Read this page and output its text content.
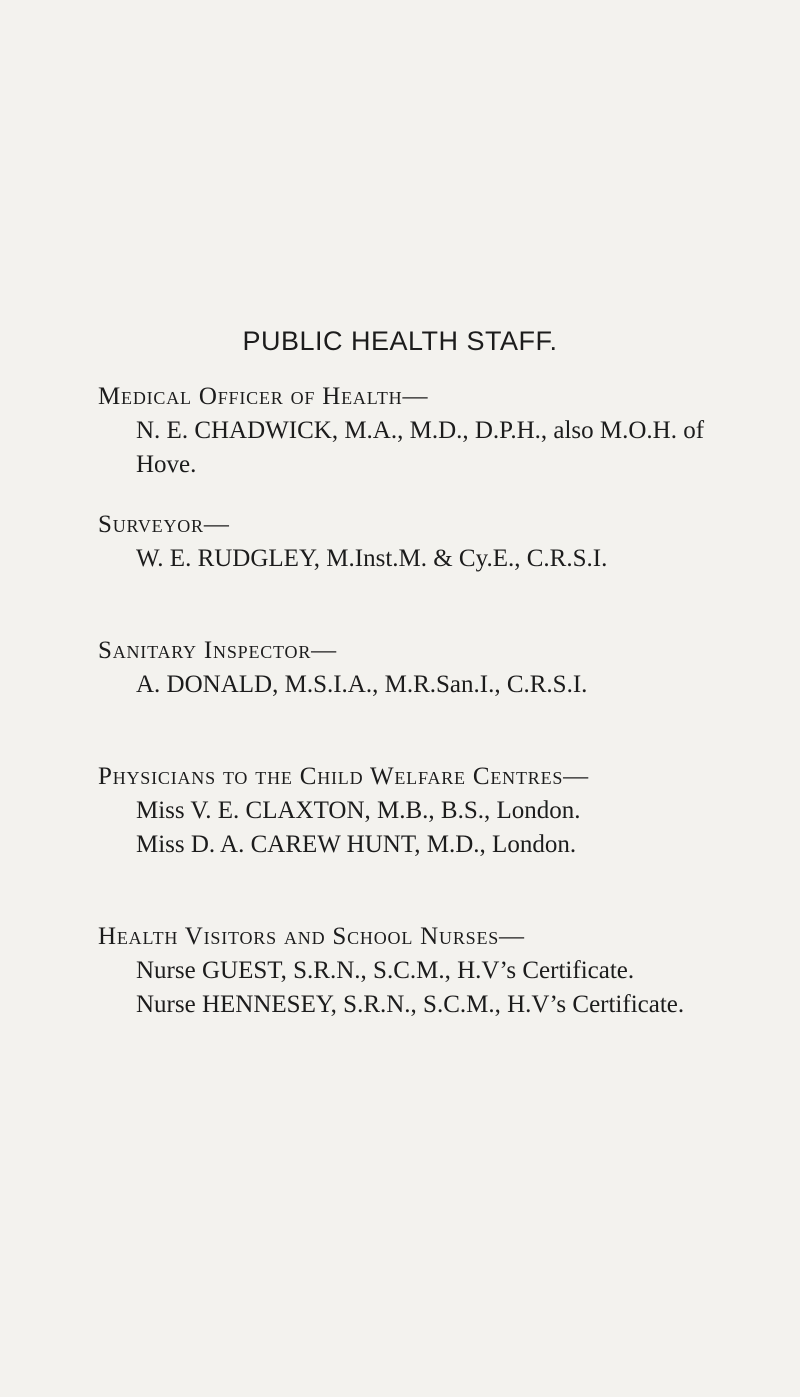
PUBLIC HEALTH STAFF.
Medical Officer of Health—
N. E. CHADWICK, M.A., M.D., D.P.H., also M.O.H. of
Hove.
Surveyor—
W. E. RUDGLEY, M.Inst.M. & Cy.E., C.R.S.I.
Sanitary Inspector—
A. DONALD, M.S.I.A., M.R.San.I., C.R.S.I.
Physicians to the Child Welfare Centres—
Miss V. E. CLAXTON, M.B., B.S., London.
Miss D. A. CAREW HUNT, M.D., London.
Health Visitors and School Nurses—
Nurse GUEST, S.R.N., S.C.M., H.V’s Certificate.
Nurse HENNESEY, S.R.N., S.C.M., H.V’s Certificate.
